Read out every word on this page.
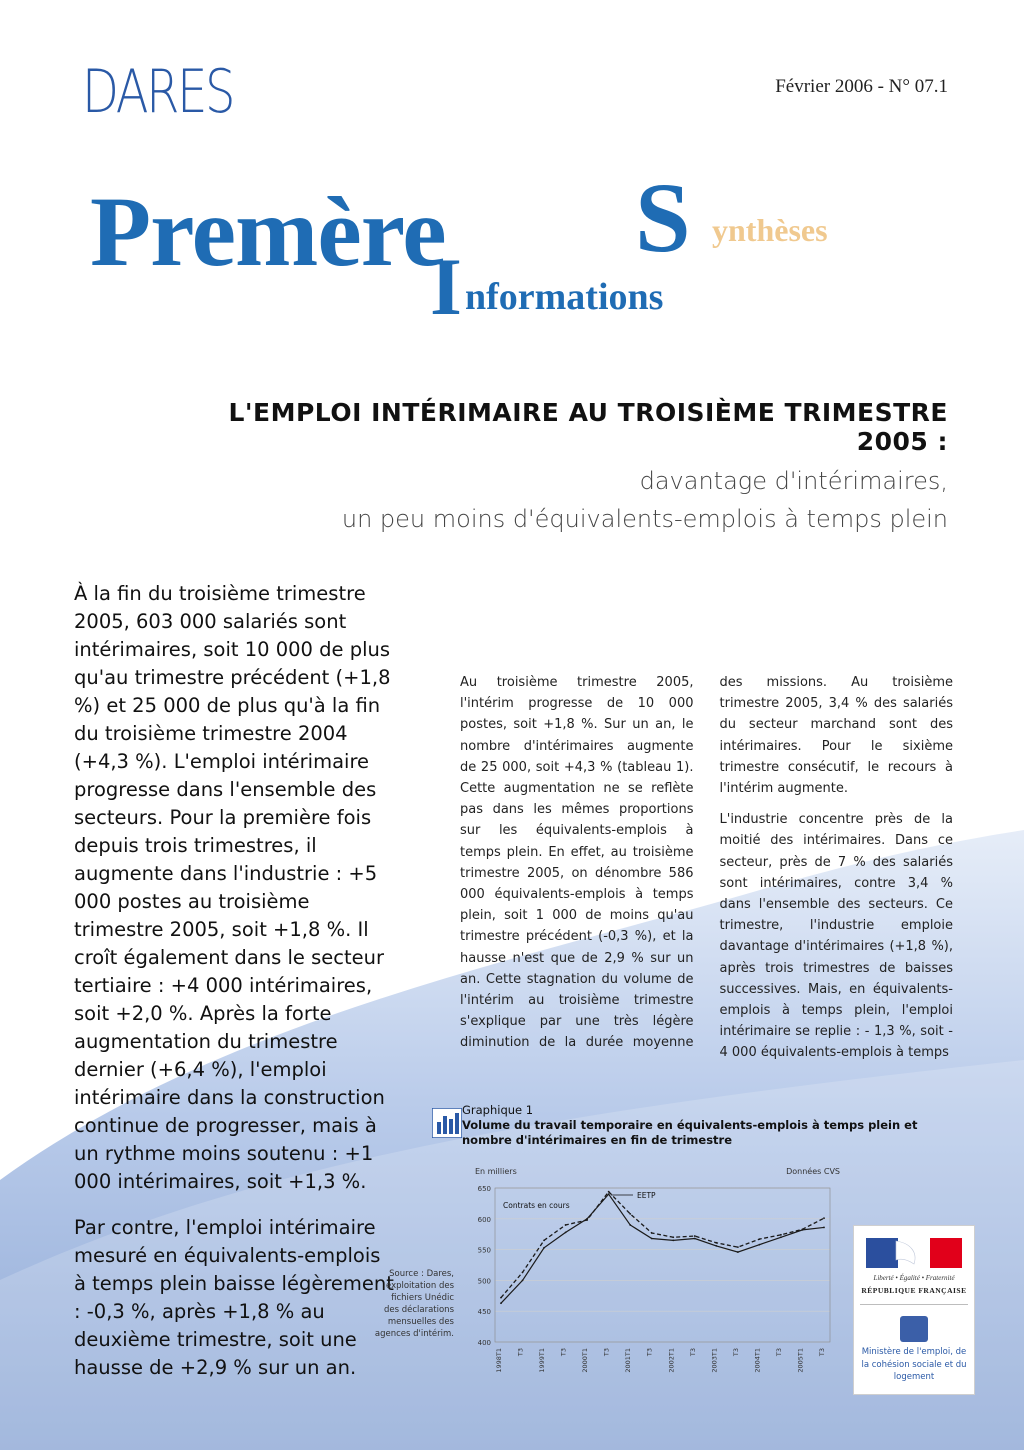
DARES	Février 2006 - N° 07.1
Premère S ynthèses
I nformations
L'EMPLOI INTÉRIMAIRE AU TROISIÈME TRIMESTRE 2005 :
davantage d'intérimaires,
un peu moins d'équivalents-emplois à temps plein

À la fin du troisième trimestre 2005, 603 000 salariés sont intérimaires, soit 10 000 de plus qu'au trimestre précédent (+1,8 %) et 25 000 de plus qu'à la fin du troisième trimestre 2004 (+4,3 %). L'emploi intérimaire progresse dans l'ensemble des secteurs. Pour la première fois depuis trois trimestres, il augmente dans l'industrie : +5 000 postes au troisième trimestre 2005, soit +1,8 %. Il croît également dans le secteur tertiaire : +4 000 intérimaires, soit +2,0 %. Après la forte augmentation du trimestre dernier (+6,4 %), l'emploi intérimaire dans la construction continue de progresser, mais à un rythme moins soutenu : +1 000 intérimaires, soit +1,3 %.

Par contre, l'emploi intérimaire mesuré en équivalents-emplois à temps plein baisse légèrement : -0,3 %, après +1,8 % au deuxième trimestre, soit une hausse de +2,9 % sur un an.

Au troisième trimestre 2005, l'intérim progresse de 10 000 postes, soit +1,8 %. Sur un an, le nombre d'intérimaires augmente de 25 000, soit +4,3 % (tableau 1). Cette augmentation ne se reflète pas dans les mêmes proportions sur les équivalents-emplois à temps plein. En effet, au troisième trimestre 2005, on dénombre 586 000 équivalents-emplois à temps plein, soit 1 000 de moins qu'au trimestre précédent (-0,3 %), et la hausse n'est que de 2,9 % sur un an. Cette stagnation du volume de l'intérim au troisième trimestre s'explique par une très légère diminution de la durée moyenne des missions. Au troisième trimestre 2005, 3,4 % des salariés du secteur marchand sont des intérimaires. Pour le sixième trimestre consécutif, le recours à l'intérim augmente.

L'industrie concentre près de la moitié des intérimaires. Dans ce secteur, près de 7 % des salariés sont intérimaires, contre 3,4 % dans l'ensemble des secteurs. Ce trimestre, l'industrie emploie davantage d'intérimaires (+1,8 %), après trois trimestres de baisses successives. Mais, en équivalents-emplois à temps plein, l'emploi intérimaire se replie : - 1,3 %, soit - 4 000 équivalents-emplois à temps

Graphique 1
Volume du travail temporaire en équivalents-emplois à temps plein et nombre d'intérimaires en fin de trimestre
En milliers	Données CVS
400
450
500
550
600
650
1998T1 T3 1999T1 T3 2000T1 T3 2001T1 T3 2002T1 T3 2003T1 T3 2004T1 T3 2005T1 T3
Contrats en cours
EETP
Source : Dares, exploitation des fichiers Unédic des déclarations mensuelles des agences d'intérim.
Liberté • Égalité • Fraternité
RÉPUBLIQUE FRANÇAISE
Ministère de l'emploi, de la cohésion sociale et du logement
